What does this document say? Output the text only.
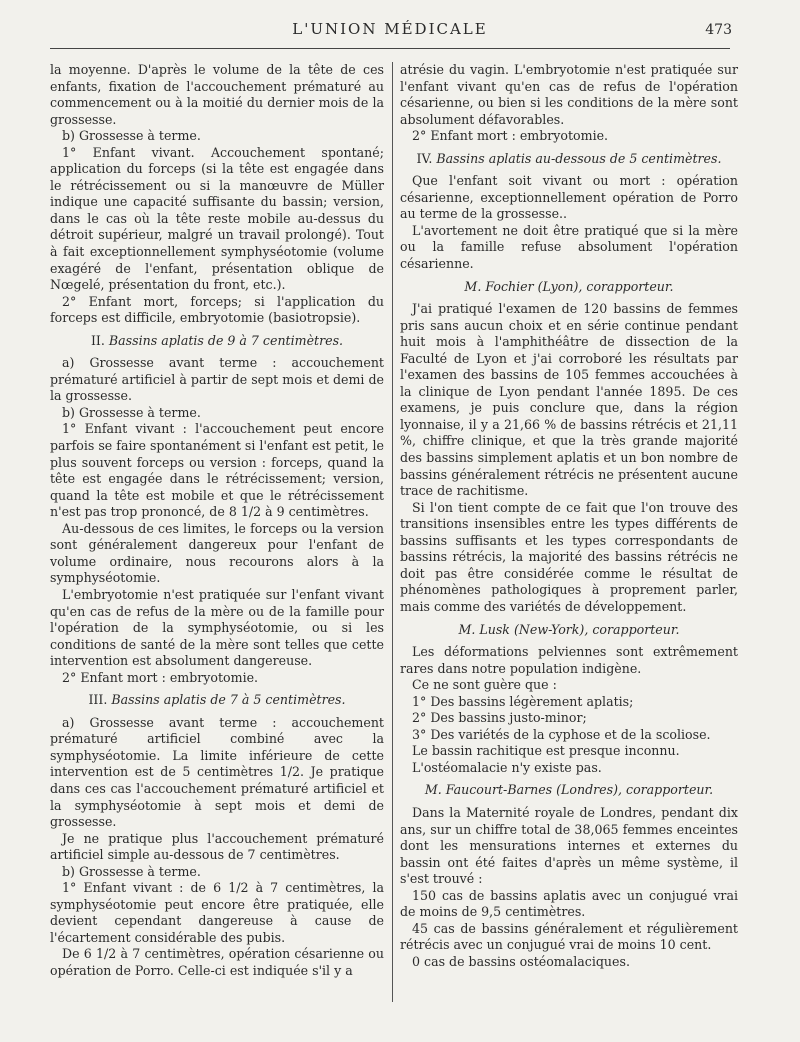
L'UNION MÉDICALE	473

la moyenne. D'après le volume de la tête de ces enfants, fixation de l'accouchement prématuré au commencement ou à la moitié du dernier mois de la grossesse.

b) Grossesse à terme.

1° Enfant vivant. Accouchement spontané; application du forceps (si la tête est engagée dans le rétrécissement ou si la manœuvre de Müller indique une capacité suffisante du bassin; version, dans le cas où la tête reste mobile au-dessus du détroit supérieur, malgré un travail prolongé). Tout à fait exceptionnellement symphyséotomie (volume exagéré de l'enfant, présentation oblique de Nœgelé, présentation du front, etc.).

2° Enfant mort, forceps; si l'application du forceps est difficile, embryotomie (basiotropsie).

II. Bassins aplatis de 9 à 7 centimètres.

a) Grossesse avant terme : accouchement prématuré artificiel à partir de sept mois et demi de la grossesse.

b) Grossesse à terme.

1° Enfant vivant : l'accouchement peut encore parfois se faire spontanément si l'enfant est petit, le plus souvent forceps ou version : forceps, quand la tête est engagée dans le rétrécissement; version, quand la tête est mobile et que le rétrécissement n'est pas trop prononcé, de 8 1/2 à 9 centimètres.

Au-dessous de ces limites, le forceps ou la version sont généralement dangereux pour l'enfant de volume ordinaire, nous recourons alors à la symphyséotomie.

L'embryotomie n'est pratiquée sur l'enfant vivant qu'en cas de refus de la mère ou de la famille pour l'opération de la symphyséotomie, ou si les conditions de santé de la mère sont telles que cette intervention est absolument dangereuse.

2° Enfant mort : embryotomie.

III. Bassins aplatis de 7 à 5 centimètres.

a) Grossesse avant terme : accouchement prématuré artificiel combiné avec la symphyséotomie. La limite inférieure de cette intervention est de 5 centimètres 1/2. Je pratique dans ces cas l'accouchement prématuré artificiel et la symphyséotomie à sept mois et demi de grossesse.

Je ne pratique plus l'accouchement prématuré artificiel simple au-dessous de 7 centimètres.

b) Grossesse à terme.

1° Enfant vivant : de 6 1/2 à 7 centimètres, la symphyséotomie peut encore être pratiquée, elle devient cependant dangereuse à cause de l'écartement considérable des pubis.

De 6 1/2 à 7 centimètres, opération césarienne ou opération de Porro. Celle-ci est indiquée s'il y a

atrésie du vagin. L'embryotomie n'est pratiquée sur l'enfant vivant qu'en cas de refus de l'opération césarienne, ou bien si les conditions de la mère sont absolument défavorables.

2° Enfant mort : embryotomie.

IV. Bassins aplatis au-dessous de 5 centimètres.

Que l'enfant soit vivant ou mort : opération césarienne, exceptionnellement opération de Porro au terme de la grossesse..

L'avortement ne doit être pratiqué que si la mère ou la famille refuse absolument l'opération césarienne.

M. Fochier (Lyon), corapporteur.

J'ai pratiqué l'examen de 120 bassins de femmes pris sans aucun choix et en série continue pendant huit mois à l'amphithéâtre de dissection de la Faculté de Lyon et j'ai corroboré les résultats par l'examen des bassins de 105 femmes accouchées à la clinique de Lyon pendant l'année 1895. De ces examens, je puis conclure que, dans la région lyonnaise, il y a 21,66 % de bassins rétrécis et 21,11 %, chiffre clinique, et que la très grande majorité des bassins simplement aplatis et un bon nombre de bassins généralement rétrécis ne présentent aucune trace de rachitisme.

Si l'on tient compte de ce fait que l'on trouve des transitions insensibles entre les types différents de bassins suffisants et les types correspondants de bassins rétrécis, la majorité des bassins rétrécis ne doit pas être considérée comme le résultat de phénomènes pathologiques à proprement parler, mais comme des variétés de développement.

M. Lusk (New-York), corapporteur.

Les déformations pelviennes sont extrêmement rares dans notre population indigène.

Ce ne sont guère que :

1° Des bassins légèrement aplatis;

2° Des bassins justo-minor;

3° Des variétés de la cyphose et de la scoliose.

Le bassin rachitique est presque inconnu.

L'ostéomalacie n'y existe pas.

M. Faucourt-Barnes (Londres), corapporteur.

Dans la Maternité royale de Londres, pendant dix ans, sur un chiffre total de 38,065 femmes enceintes dont les mensurations internes et externes du bassin ont été faites d'après un même système, il s'est trouvé :

150 cas de bassins aplatis avec un conjugué vrai de moins de 9,5 centimètres.

45 cas de bassins généralement et régulièrement rétrécis avec un conjugué vrai de moins 10 cent.

0 cas de bassins ostéomalaciques.
